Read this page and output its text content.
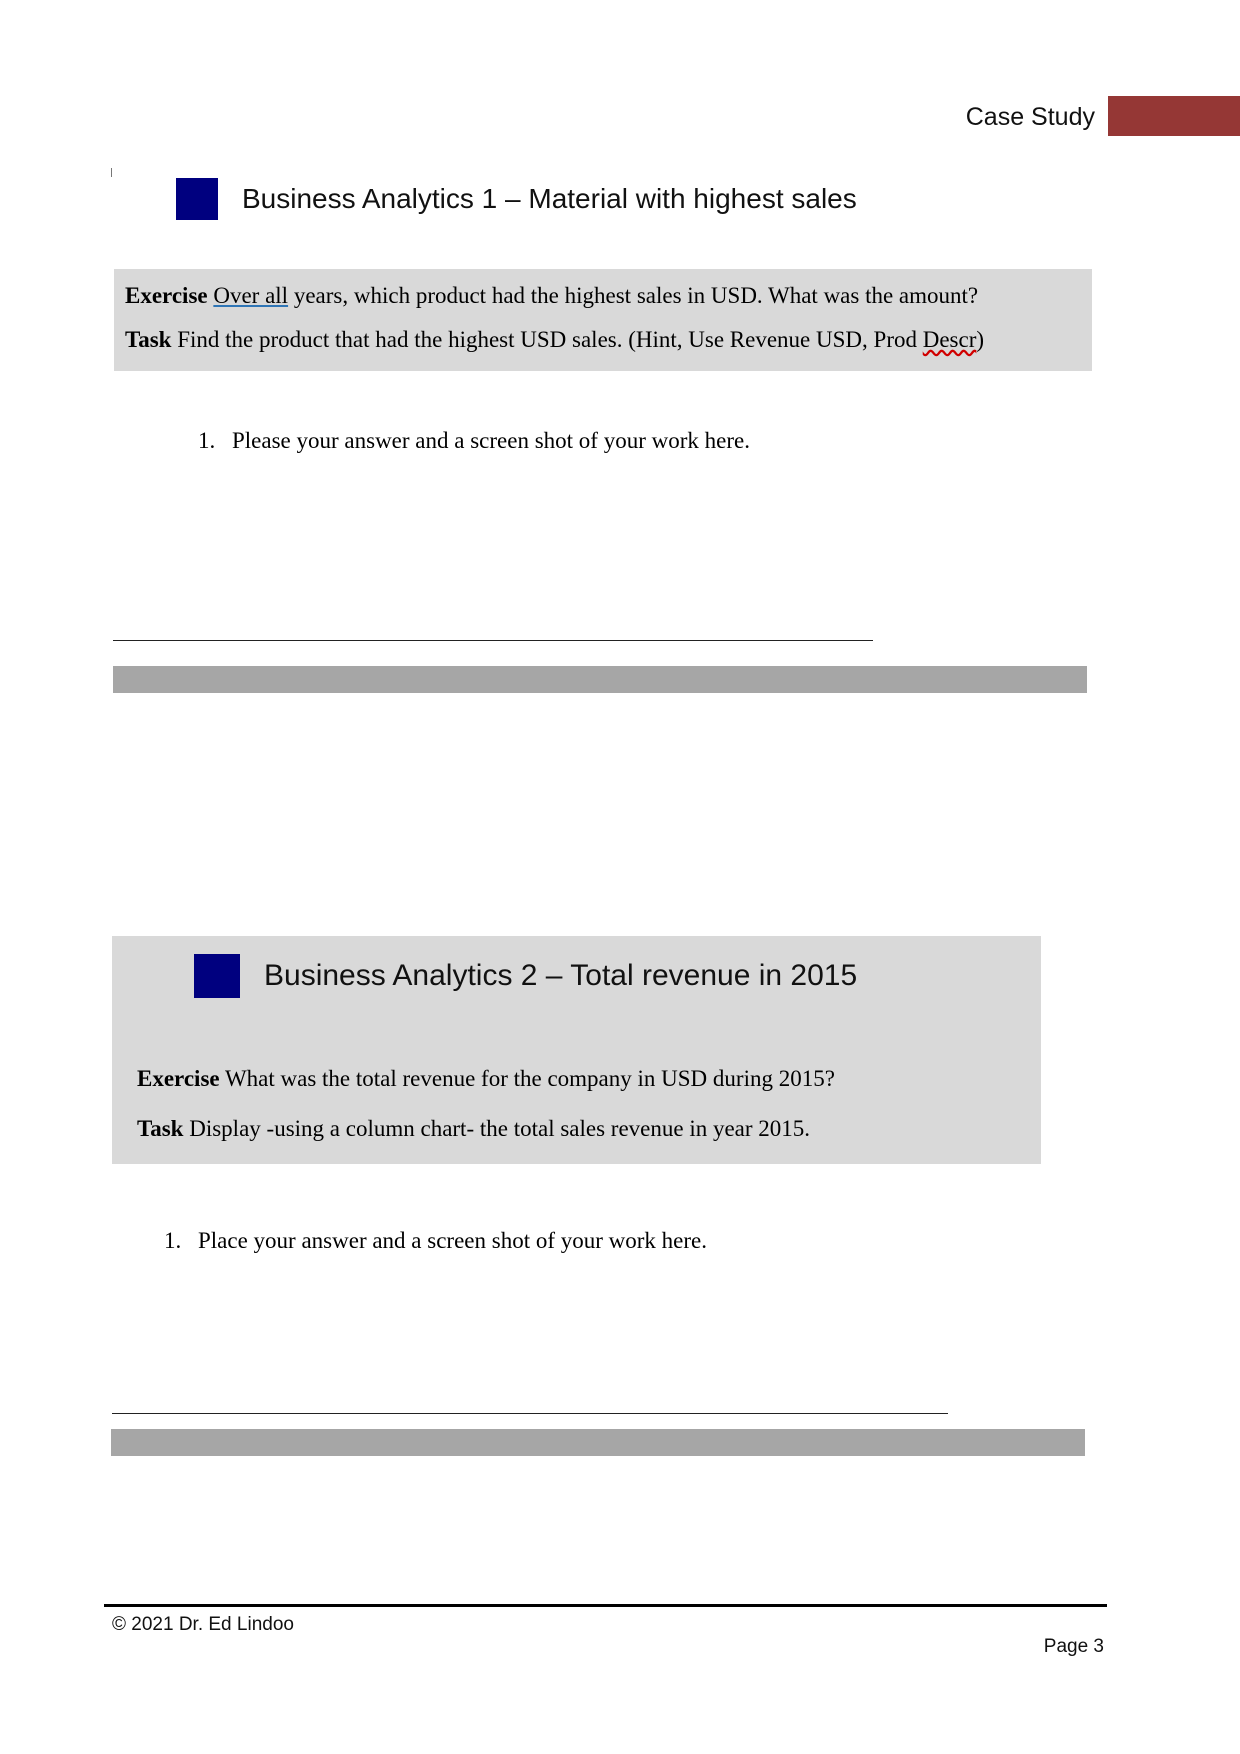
Case Study
Business Analytics 1 – Material with highest sales
Exercise Over all years, which product had the highest sales in USD. What was the amount?
Task Find the product that had the highest USD sales. (Hint, Use Revenue USD, Prod Descr)
1. Please your answer and a screen shot of your work here.
Business Analytics 2 – Total revenue in 2015
Exercise What was the total revenue for the company in USD during 2015?
Task Display -using a column chart- the total sales revenue in year 2015.
1. Place your answer and a screen shot of your work here.
© 2021 Dr. Ed Lindoo
Page 3
